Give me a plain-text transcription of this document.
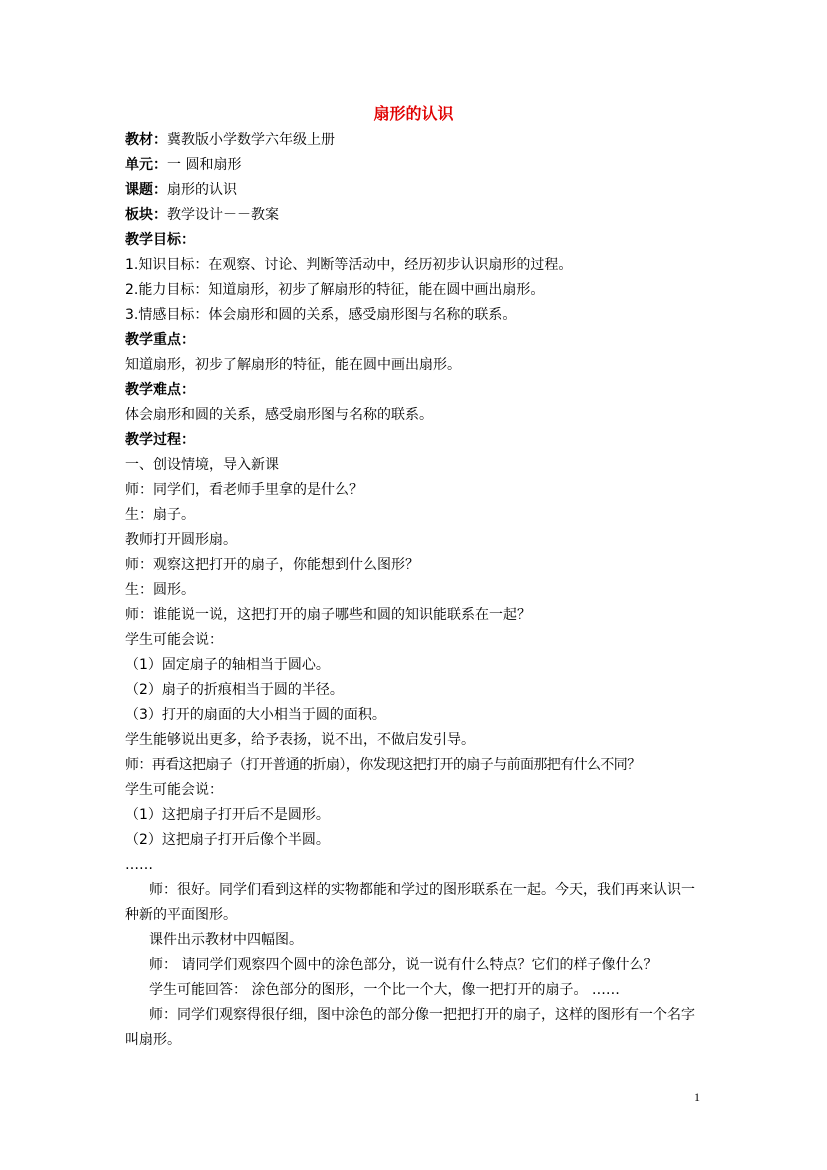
扇形的认识
教材：冀教版小学数学六年级上册
单元：一 圆和扇形
课题：扇形的认识
板块：教学设计－－教案
教学目标：
1.知识目标：在观察、讨论、判断等活动中，经历初步认识扇形的过程。
2.能力目标：知道扇形，初步了解扇形的特征，能在圆中画出扇形。
3.情感目标：体会扇形和圆的关系，感受扇形图与名称的联系。
教学重点：
知道扇形，初步了解扇形的特征，能在圆中画出扇形。
教学难点：
体会扇形和圆的关系，感受扇形图与名称的联系。
教学过程：
一、创设情境，导入新课
师：同学们，看老师手里拿的是什么？
生：扇子。
教师打开圆形扇。
师：观察这把打开的扇子，你能想到什么图形？
生：圆形。
师：谁能说一说，这把打开的扇子哪些和圆的知识能联系在一起？
学生可能会说：
（1）固定扇子的轴相当于圆心。
（2）扇子的折痕相当于圆的半径。
（3）打开的扇面的大小相当于圆的面积。
学生能够说出更多，给予表扬，说不出，不做启发引导。
师：再看这把扇子（打开普通的折扇），你发现这把打开的扇子与前面那把有什么不同？
学生可能会说：
（1）这把扇子打开后不是圆形。
（2）这把扇子打开后像个半圆。
……
师：很好。同学们看到这样的实物都能和学过的图形联系在一起。今天，我们再来认识一种新的平面图形。
课件出示教材中四幅图。
师： 请同学们观察四个圆中的涂色部分，说一说有什么特点？它们的样子像什么？
学生可能回答： 涂色部分的图形，一个比一个大，像一把打开的扇子。 ……
师：同学们观察得很仔细，图中涂色的部分像一把把打开的扇子，这样的图形有一个名字叫扇形。
1
